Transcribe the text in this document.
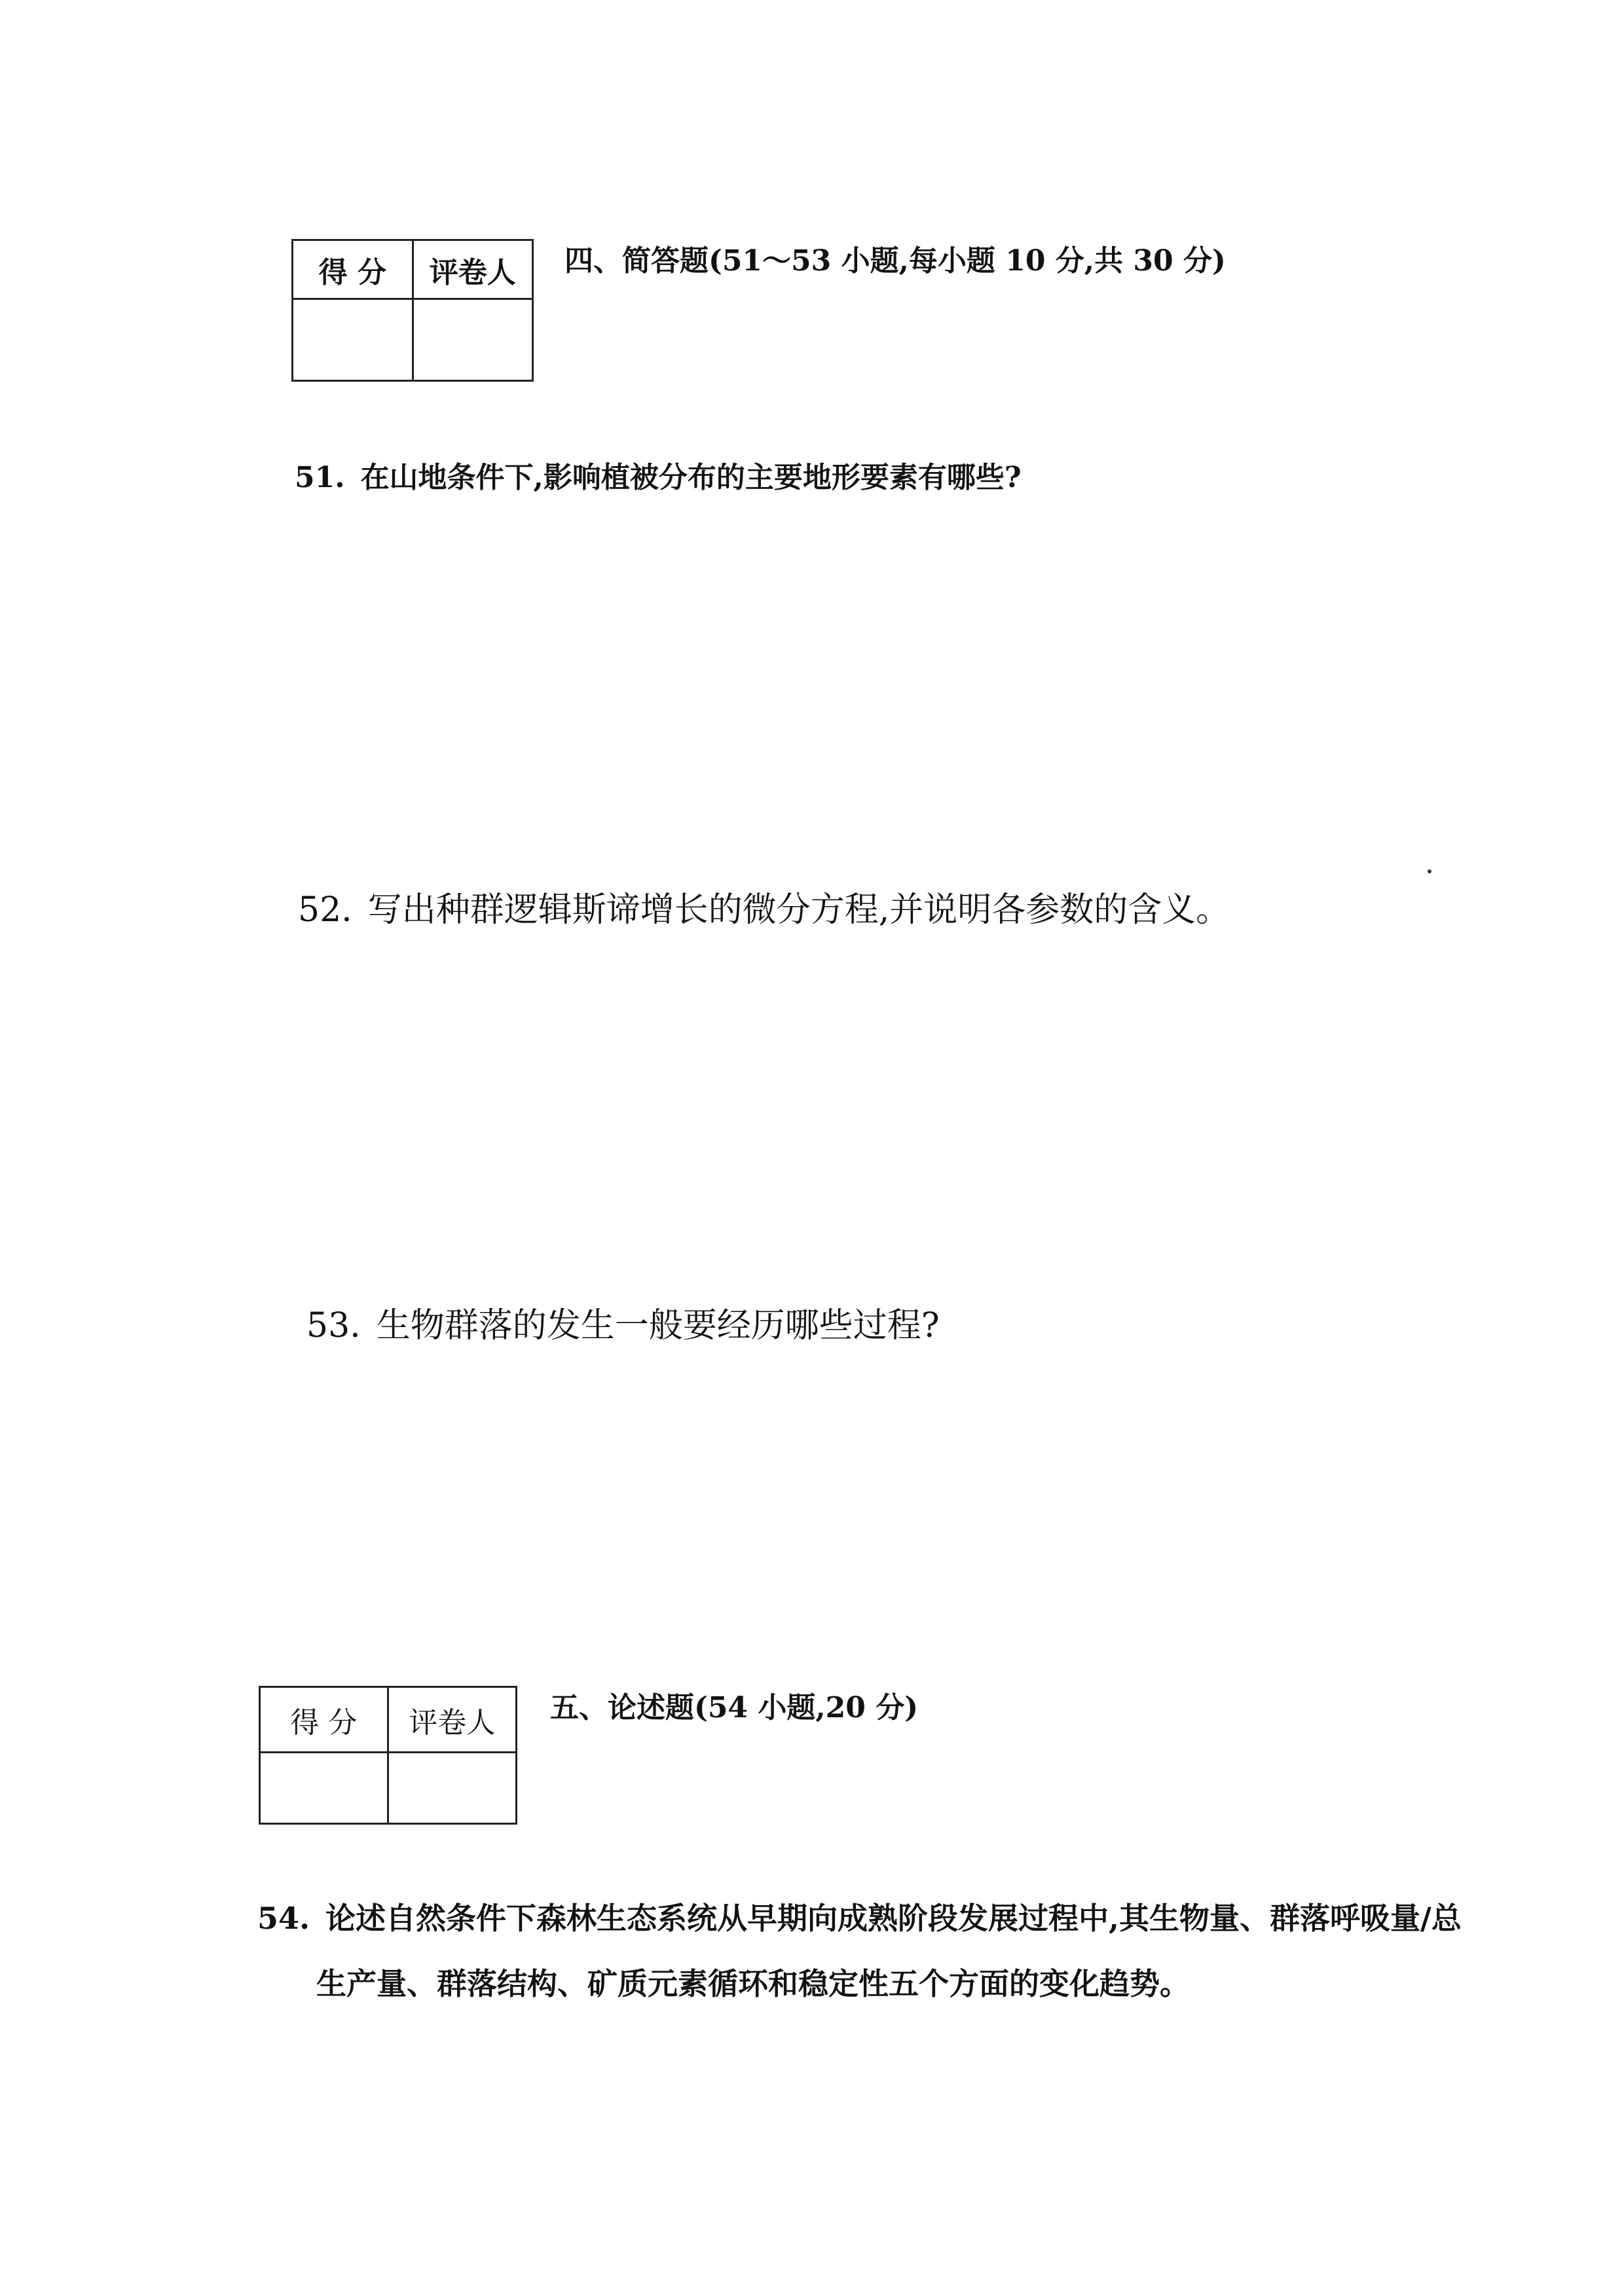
得 分	评卷人
	四、简答题(51～53 小题,每小题 10 分,共 30 分)
51. 在山地条件下,影响植被分布的主要地形要素有哪些?
52. 写出种群逻辑斯谛增长的微分方程,并说明各参数的含义。
53. 生物群落的发生一般要经历哪些过程?
得 分	评卷人
	五、论述题(54 小题,20 分)
54. 论述自然条件下森林生态系统从早期向成熟阶段发展过程中,其生物量、群落呼吸量/总
生产量、群落结构、矿质元素循环和稳定性五个方面的变化趋势。
